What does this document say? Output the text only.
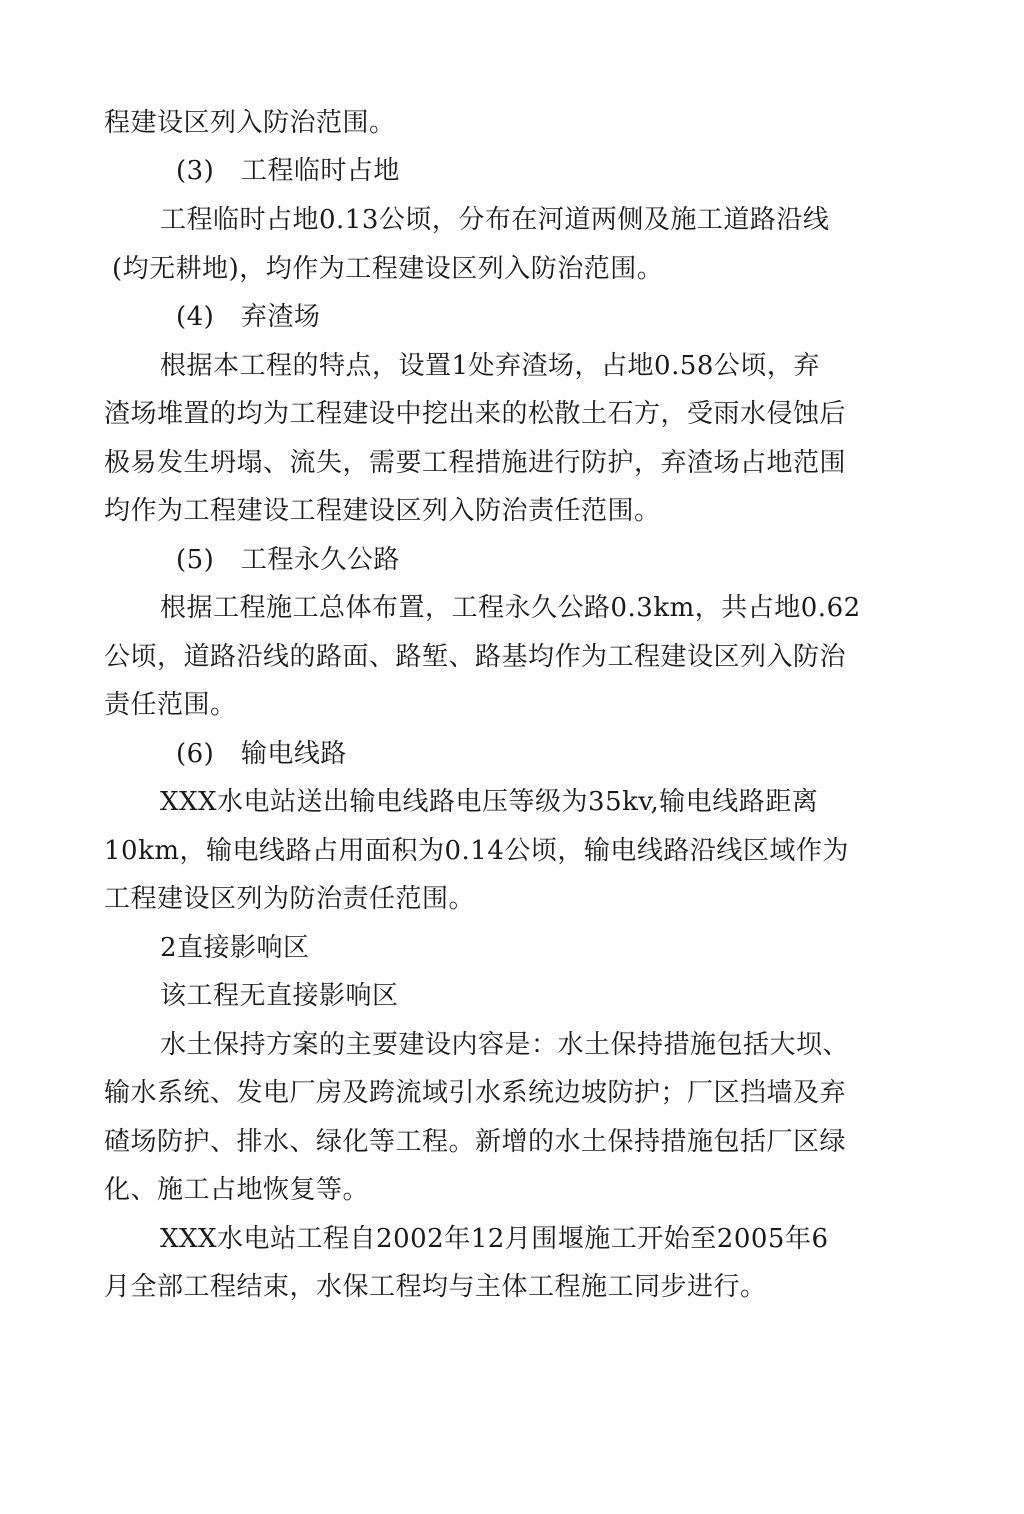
程建设区列入防治范围。
(3)　工程临时占地
工程临时占地0.13公顷，分布在河道两侧及施工道路沿线
(均无耕地)，均作为工程建设区列入防治范围。
(4)　弃渣场
根据本工程的特点，设置1处弃渣场，占地0.58公顷，弃
渣场堆置的均为工程建设中挖出来的松散土石方，受雨水侵蚀后
极易发生坍塌、流失，需要工程措施进行防护，弃渣场占地范围
均作为工程建设工程建设区列入防治责任范围。
(5)　工程永久公路
根据工程施工总体布置，工程永久公路0.3km，共占地0.62
公顷，道路沿线的路面、路堑、路基均作为工程建设区列入防治
责任范围。
(6)　输电线路
XXX水电站送出输电线路电压等级为35kv,输电线路距离
10km，输电线路占用面积为0.14公顷，输电线路沿线区域作为
工程建设区列为防治责任范围。
2直接影响区
该工程无直接影响区
水土保持方案的主要建设内容是：水土保持措施包括大坝、
输水系统、发电厂房及跨流域引水系统边坡防护；厂区挡墙及弃
碴场防护、排水、绿化等工程。新增的水土保持措施包括厂区绿
化、施工占地恢复等。
XXX水电站工程自2002年12月围堰施工开始至2005年6
月全部工程结束，水保工程均与主体工程施工同步进行。
